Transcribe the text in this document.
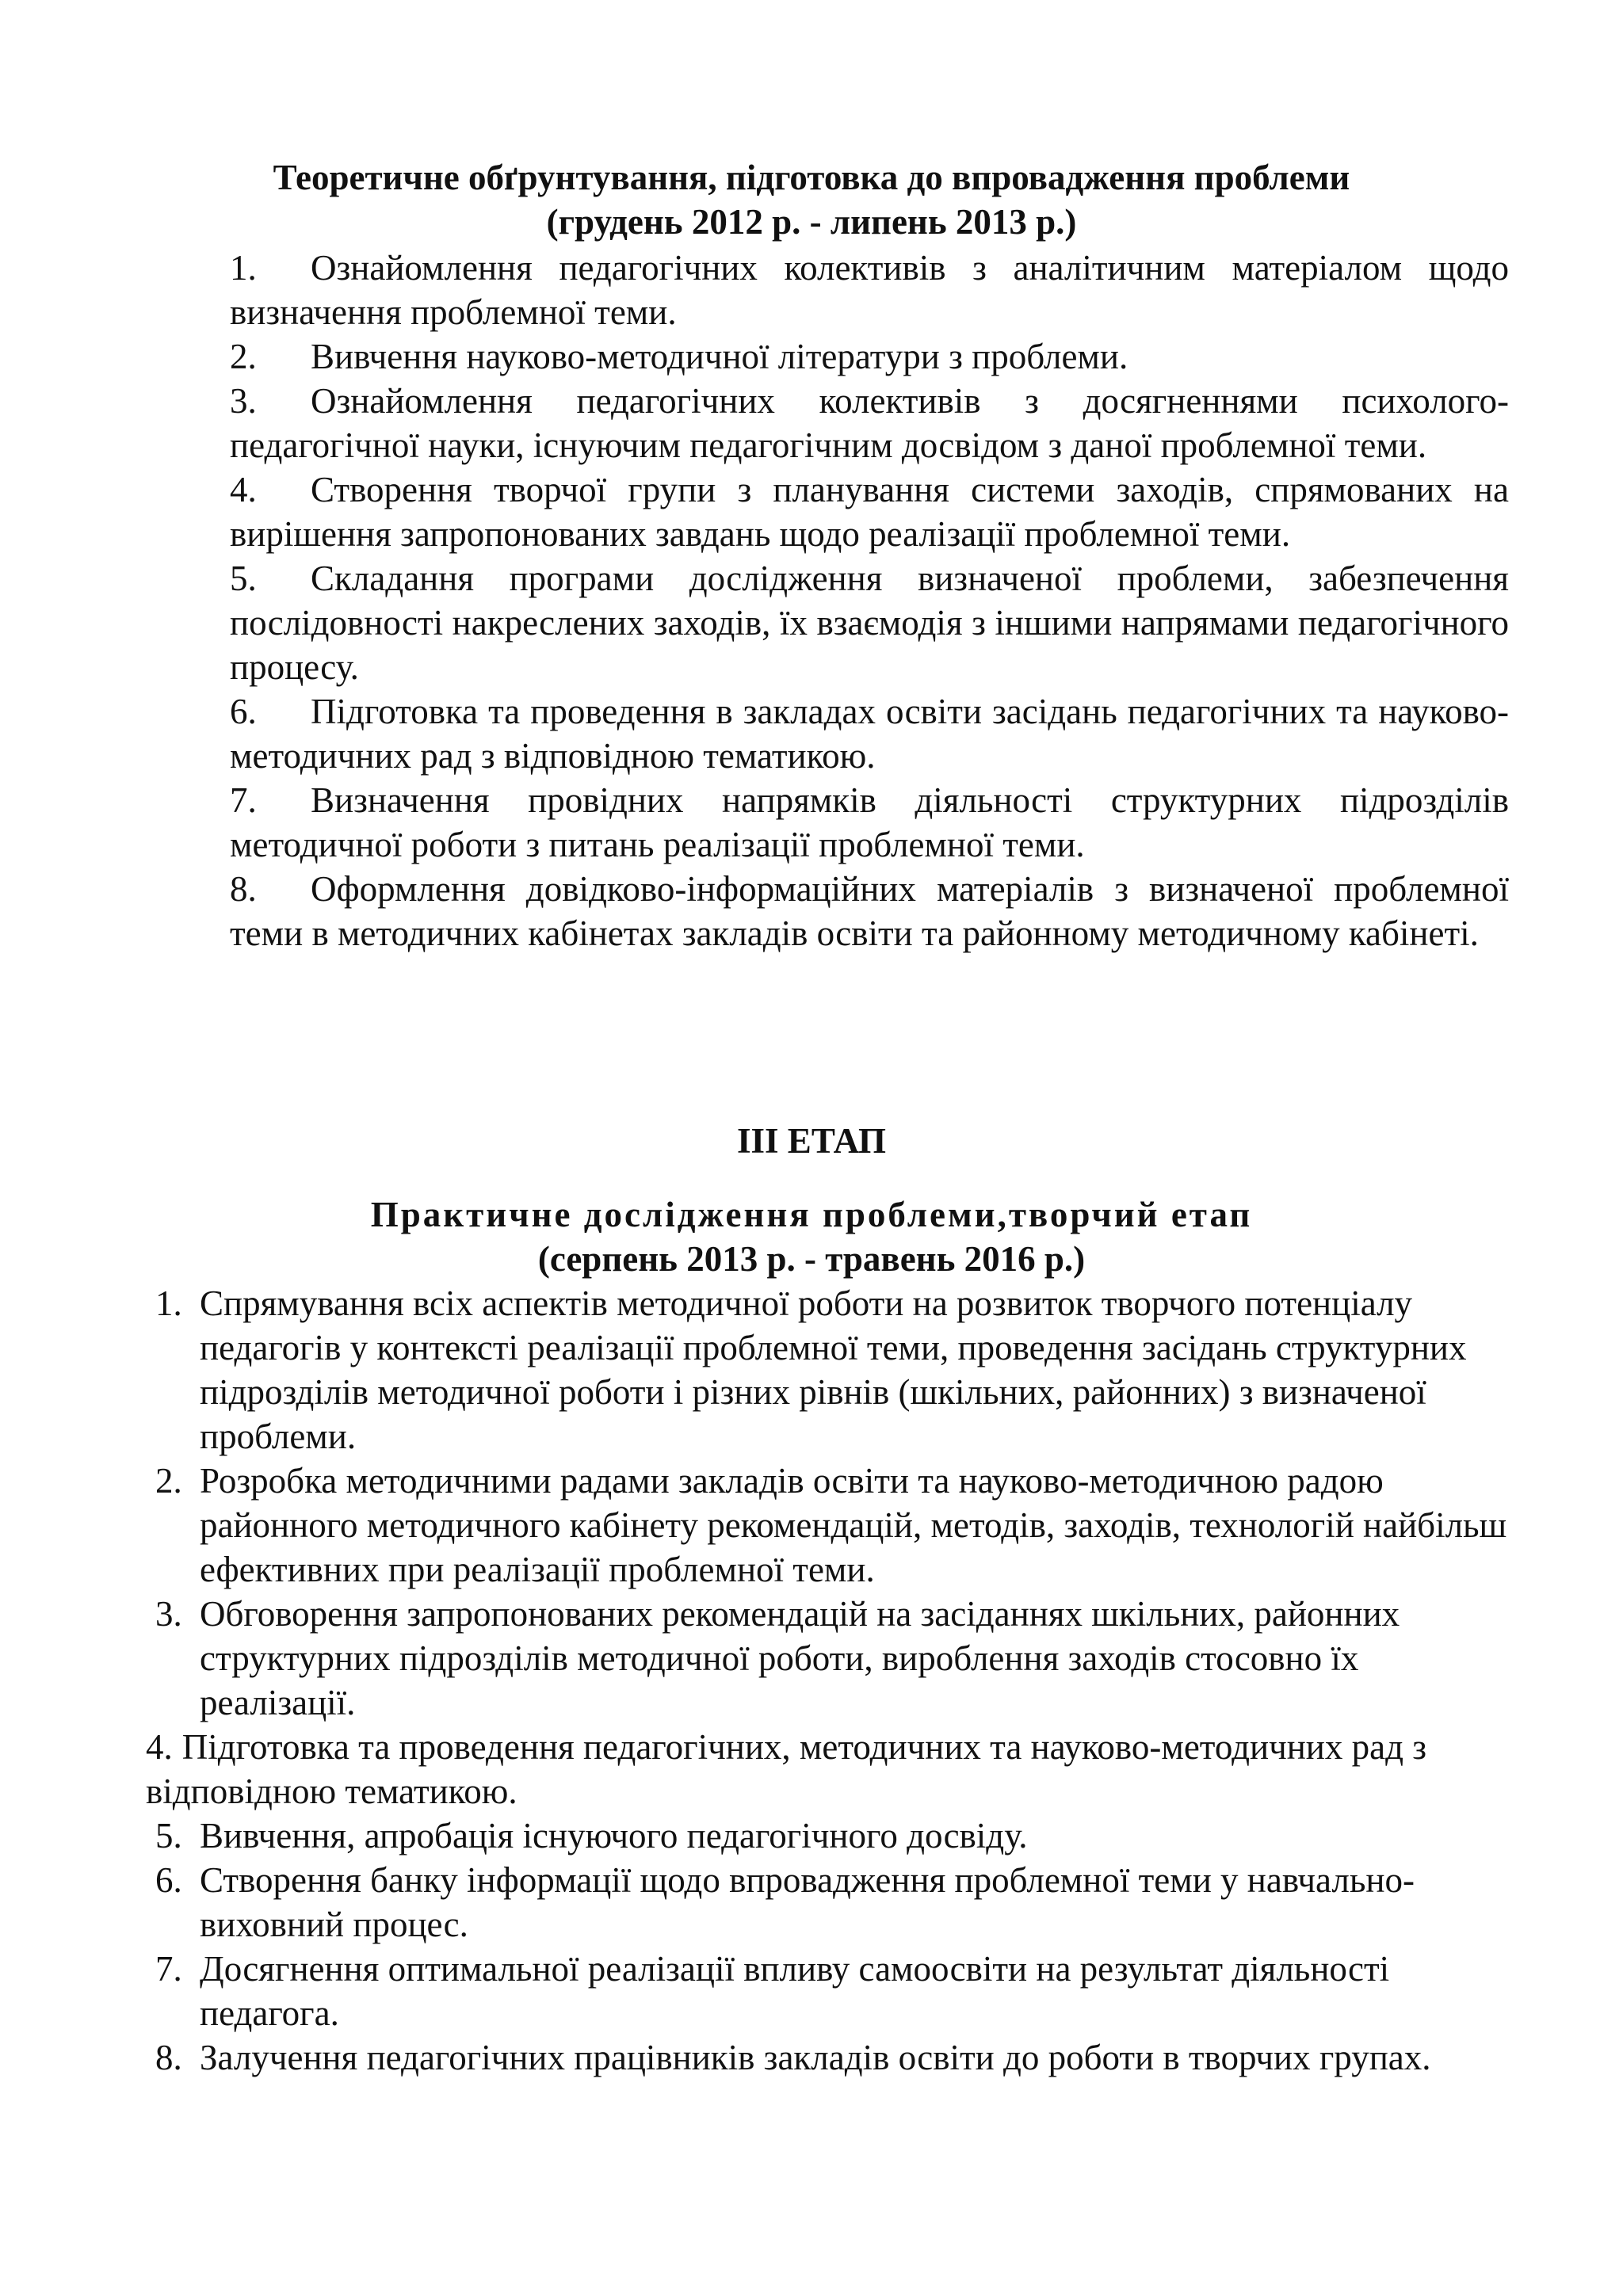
Теоретичне обґрунтування, підготовка до впровадження проблеми
(грудень 2012 р. - липень 2013 р.)
1. Ознайомлення педагогічних колективів з аналітичним матеріалом щодо визначення проблемної теми.
2. Вивчення науково-методичної літератури з проблеми.
3. Ознайомлення педагогічних колективів з досягненнями психолого-педагогічної науки, існуючим педагогічним досвідом з даної проблемної теми.
4. Створення творчої групи з планування системи заходів, спрямованих на вирішення запропонованих завдань щодо реалізації проблемної теми.
5. Складання програми дослідження визначеної проблеми, забезпечення послідовності накреслених заходів, їх взаємодія з іншими напрямами педагогічного процесу.
6. Підготовка та проведення в закладах освіти засідань педагогічних та науково-методичних рад з відповідною тематикою.
7. Визначення провідних напрямків діяльності структурних підрозділів методичної роботи з питань реалізації проблемної теми.
8. Оформлення довідково-інформаційних матеріалів з визначеної проблемної теми в методичних кабінетах закладів освіти та районному методичному кабінеті.
III ЕТАП
Практичне дослідження проблеми,творчий етап
(серпень 2013 р. - травень 2016 р.)
1. Спрямування всіх аспектів методичної роботи на розвиток творчого потенціалу педагогів у контексті реалізації проблемної теми, проведення засідань структурних підрозділів методичної роботи і різних рівнів (шкільних, районних) з визначеної проблеми.
2. Розробка методичними радами закладів освіти та науково-методичною радою районного методичного кабінету рекомендацій, методів, заходів, технологій найбільш ефективних при реалізації проблемної теми.
3. Обговорення запропонованих рекомендацій на засіданнях шкільних, районних структурних підрозділів методичної роботи, вироблення заходів стосовно їх реалізації.
4. Підготовка та проведення педагогічних, методичних та науково-методичних рад з відповідною тематикою.
5. Вивчення, апробація існуючого педагогічного досвіду.
6. Створення банку інформації щодо впровадження проблемної теми у навчально-виховний процес.
7. Досягнення оптимальної реалізації впливу самоосвіти на результат діяльності педагога.
8. Залучення педагогічних працівників закладів освіти до роботи в творчих групах.
